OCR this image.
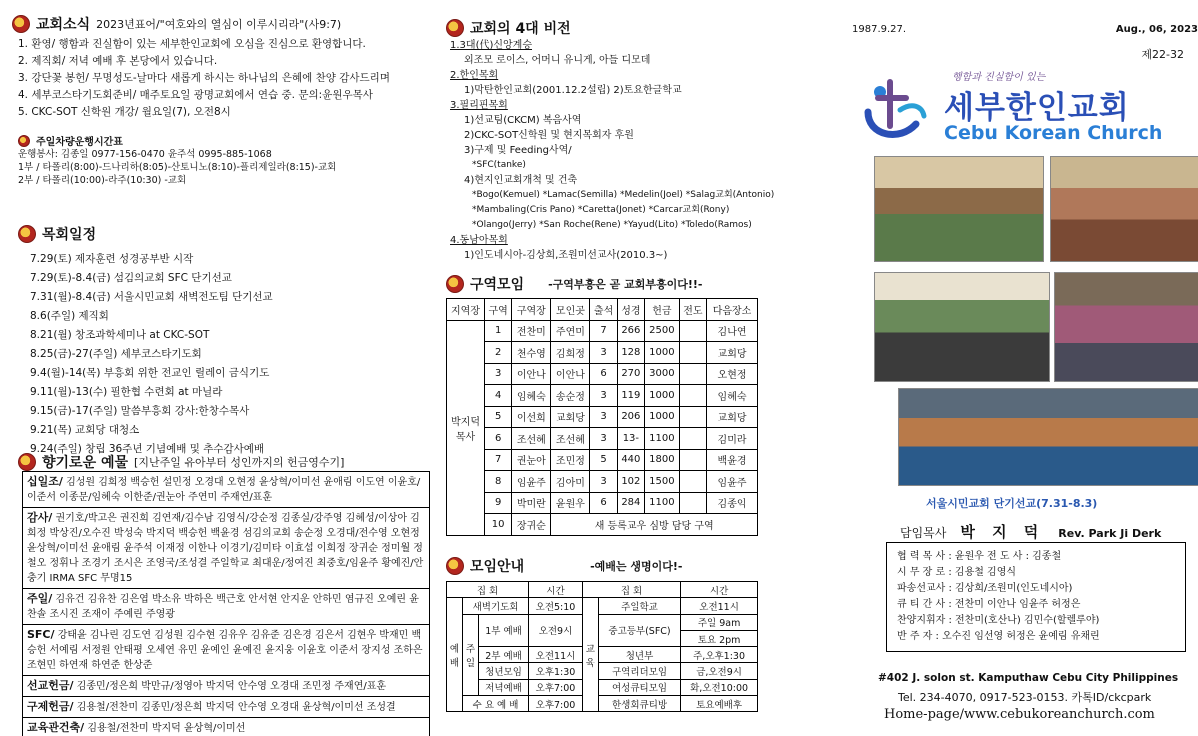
교회소식 2023년표어/"여호와의 열심이 이루시리라"(사9:7)
1. 환영/ 행함과 진실함이 있는 세부한인교회에 오심을 진심으로 환영합니다.
2. 제직회/ 저녁 예배 후 본당에서 있습니다.
3. 강단꽃 봉헌/ 무명성도-날마다 새롭게 하시는 하나님의 은혜에 찬양 감사드리며
4. 세부코스타기도회준비/ 매주토요일 광명교회에서 연습 중. 문의:윤원우목사
5. CKC-SOT 신학원 개강/ 월요일(7), 오전8시
주일차량운행시간표
운행봉사: 김종일 0977-156-0470 윤주석 0995-885-1068
1부 / 타폴리(8:00)-드나리하(8:05)-산토니노(8:10)-플리제일라(8:15)-교회
2부 / 타폴리(10:00)-라주(10:30) -교회
목회일정
7.29(토) 제자훈련 성경공부반 시작
7.29(토)-8.4(금) 섬김의교회 SFC 단기선교
7.31(월)-8.4(금) 서울시민교회 새벽전도팀 단기선교
8.6(주일) 제직회
8.21(월) 창조과학세미나 at CKC-SOT
8.25(금)-27(주일) 세부코스타기도회
9.4(월)-14(목) 부흥회 위한 전교인 릴레이 금식기도
9.11(월)-13(수) 필한협 수련회 at 마닐라
9.15(금)-17(주일) 말씀부흥회 강사:한창수목사
9.21(목) 교회당 대청소
9.24(주일) 창립 36주년 기념예배 및 추수감사예배
향기로운 예물 [지난주일 유아부터 성인까지의 헌금영수기]
십일조/ 김성원 김희정 백승헌 설민정 오경대 오현정 윤상혁/이미선 윤애림 이도연 이윤호/이준서 이종문/임혜숙 이한준/권눈아 주연미 주재연/표훈
감사/ 권기호/박고은 권진희 김연재/김수남 김영식/강순정 김종실/강주영 김혜성/이상아 김희정 박상진/오수진 박성숙 박지덕 백승헌 백윤경 섬김의교회 송순정 오경대/전수영 오현정 윤상혁/이미선 윤애림 윤주석 이재정 이한나 이경기/김미타 이효섭 이희정 장귀순 정미월 정철오 정휘나 조경기 조시은 조영국/조성결 주일학교 최대운/정여진 최중호/임윤주 황예진/안충기 IRMA SFC 무명15
주일/ 김유건 김유찬 김은엽 박소유 박하은 백근호 안서현 안지운 안하민 염규진 오예린 윤찬솔 조시진 조재이 주예린 주영광
SFC/ 강태윤 김나린 김도연 김성원 김수현 김유우 김유준 김은경 김은서 김현우 박재민 백승헌 서예림 서정원 안태평 오세연 유민 윤예인 윤예진 윤지웅 이윤호 이준서 장지성 조하은 조현민 하연재 하연준 한상준
선교헌금/ 김종민/정은희 박만규/정영아 박지덕 안수영 오경대 조민정 주재연/표훈
구제헌금/ 김용철/전찬미 김종민/정은희 박지덕 안수영 오경대 윤상혁/이미선 조성결
교육관건축/ 김용철/전찬미 박지덕 윤상혁/이미선
교회의 4대 비전
1.3대(代)신앙계승
외조모 로이스, 어머니 유니게, 아들 디모데
2.한인목회
1)막탄한인교회(2001.12.2설립) 2)토요한글학교
3.필리핀목회
1)선교팀(CKCM) 복음사역
2)CKC-SOT신학원 및 현지목회자 후원
3)구제 및 Feeding사역/
*SFC(tanke)
4)현지인교회개척 및 건축
*Bogo(Kemuel) *Lamac(Semilla) *Medelin(Joel) *Salag교회(Antonio)
*Mambaling(Cris Pano) *Caretta(Jonet) *Carcar교회(Rony)
*Olango(Jerry) *San Roche(Rene) *Yayud(Lito) *Toledo(Ramos)
4.동남아목회
1)인도네시아-김상희,조원미선교사(2010.3~)
구역모임 -구역부흥은 곧 교회부흥이다!!-
지역장	구역	구역장	모인곳	출석	성경	헌금	전도	다음장소
박지덕 목사	1	전찬미	주연미	7	266	2500		김나연
	2	천수영	김희정	3	128	1000		교회당
	3	이안나	이안나	6	270	3000		오현정
	4	임혜숙	송순정	3	119	1000		임혜숙
	5	이선희	교회당	3	206	1000		교회당
	6	조선혜	조선혜	3	13-	1100		김미라
	7	권눈아	조민정	5	440	1800		백윤경
	8	임윤주	김아미	3	102	1500		임윤주
	9	박미란	윤원우	6	284	1100		김종익
	10	장귀순	새 등록교우 심방 담당 구역					
모임안내	-예배는 생명이다!-
집 회			시간	집 회		시간
예배	새벽기도회		오전5:10	교육	주일학교	오전11시
	주일	1부 예배	오전9시		중고등부(SFC)	주일 9am
						토요 2pm
		2부 예배	오전11시		청년부	주,오후1:30
		청년모임	오후1:30		구역리더모임	금,오전9시
		저녁예배	오후7:00		여성큐티모임	화,오전10:00
	수 요 예 배		오후7:00		한생회큐티방	토요예배후
1987.9.27.	Aug., 06, 2023
제22-32
행함과 진실함이 있는
세부한인교회
Cebu Korean Church
서울시민교회 단기선교(7.31-8.3)
담임목사 박 지 덕 Rev. Park Ji Derk
협 력 목 사 : 윤원우 전 도 사 : 김종철
시 무 장 로 : 김용철 김영식
파송선교사 : 김상희/조원미(인도네시아)
큐 티 간 사 : 전찬미 이안나 임윤주 허정은
찬양지휘자 : 전찬미(호산나) 김민수(할렐루야)
반 주 자 : 오수진 임선영 허정은 윤예림 유채린
#402 J. solon st. Kamputhaw Cebu City Philippines
Tel. 234-4070, 0917-523-0153. 카톡ID/ckcpark
Home-page/www.cebukoreanchurch.com
